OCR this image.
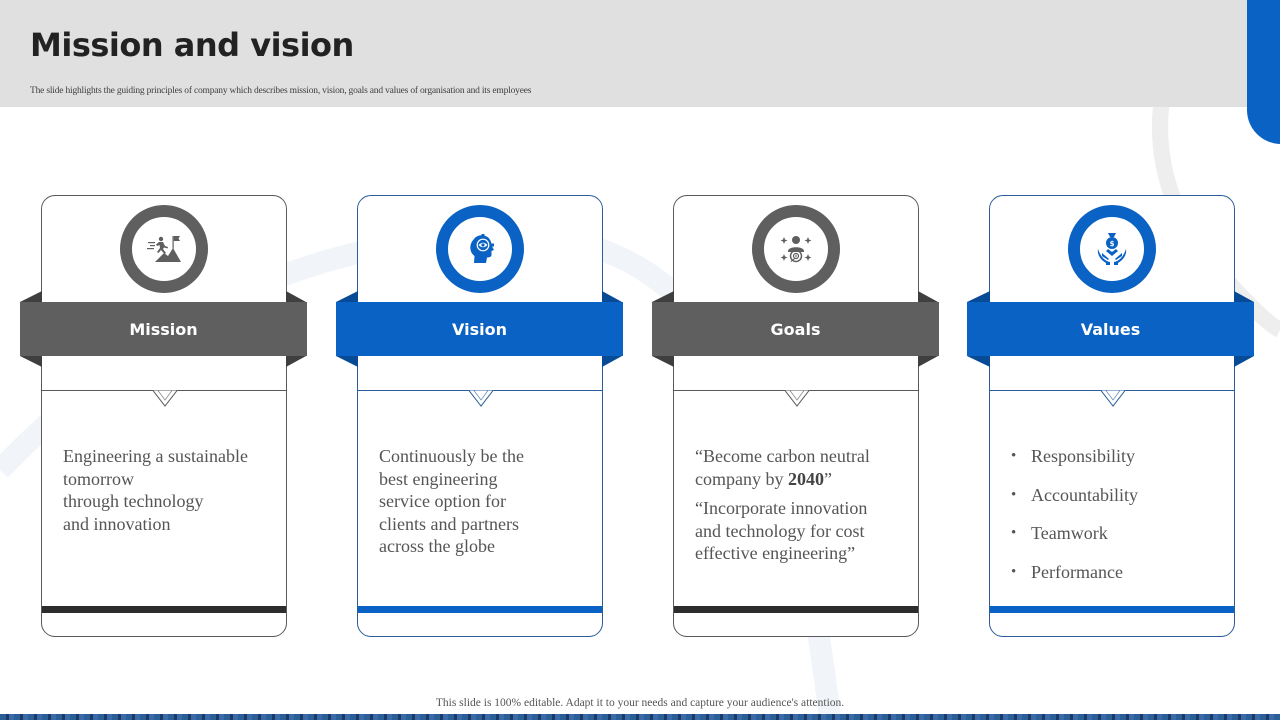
Mission and vision
The slide highlights the guiding principles of company which describes mission, vision, goals and values of organisation and its employees
Engineering a sustainable
tomorrow
through technology
and innovation
Continuously be the
best engineering
service option for
clients and partners
across the globe

“Become carbon neutral
company by 2040”

“Incorporate innovation
and technology for cost
effective engineering”

$
• Responsibility
• Accountability
• Teamwork
• Performance
Mission	Vision	Goals	Values
This slide is 100% editable. Adapt it to your needs and capture your audience's attention.
